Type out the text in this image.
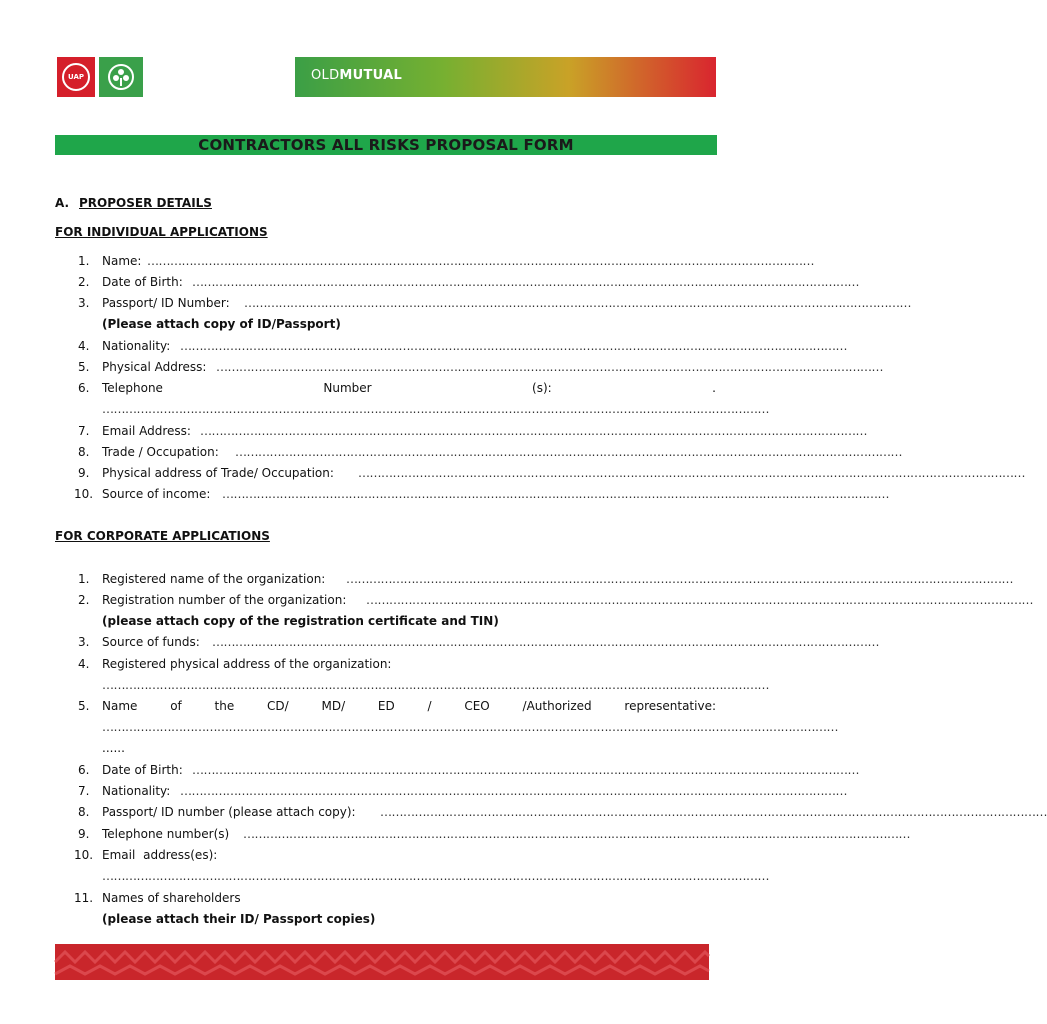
UAP	OLDMUTUAL
CONTRACTORS ALL RISKS PROPOSAL FORM
A. PROPOSER DETAILS
FOR INDIVIDUAL APPLICATIONS
1. Name: …………………………………………………………………………………………………………………………………………………………
2. Date of Birth: …………………………………………………………………………………………………………………………………………………………
3. Passport/ ID Number: …………………………………………………………………………………………………………………………………………………………
(Please attach copy of ID/Passport)
4. Nationality: …………………………………………………………………………………………………………………………………………………………
5. Physical Address: …………………………………………………………………………………………………………………………………………………………
6. Telephone Number (s): .
…………………………………………………………………………………………………………………………………………………………
7. Email Address: …………………………………………………………………………………………………………………………………………………………
8. Trade / Occupation: …………………………………………………………………………………………………………………………………………………………
9. Physical address of Trade/ Occupation: …………………………………………………………………………………………………………………………………………………………
10. Source of income: …………………………………………………………………………………………………………………………………………………………
FOR CORPORATE APPLICATIONS
1. Registered name of the organization: …………………………………………………………………………………………………………………………………………………………
2. Registration number of the organization: …………………………………………………………………………………………………………………………………………………………
(please attach copy of the registration certificate and TIN)
3. Source of funds: …………………………………………………………………………………………………………………………………………………………
4. Registered physical address of the organization:
…………………………………………………………………………………………………………………………………………………………
5. Name of the CD/ MD/ ED / CEO /Authorized representative:
…………………………………………………………………………………………………………………………………………………………………………
......
6. Date of Birth: …………………………………………………………………………………………………………………………………………………………
7. Nationality: …………………………………………………………………………………………………………………………………………………………
8. Passport/ ID number (please attach copy): …………………………………………………………………………………………………………………………………………………………
9. Telephone number(s) …………………………………………………………………………………………………………………………………………………………
10. Email address(es):
…………………………………………………………………………………………………………………………………………………………
11. Names of shareholders
(please attach their ID/ Passport copies)
